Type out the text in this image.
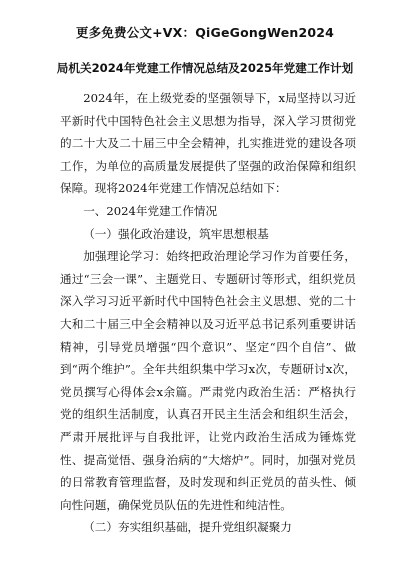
更多免费公文+VX：QiGeGongWen2024
局机关2024年党建工作情况总结及2025年党建工作计划

2024年，在上级党委的坚强领导下，x局坚持以习近平新时代中国特色社会主义思想为指导，深入学习贯彻党的二十大及二十届三中全会精神，扎实推进党的建设各项工作，为单位的高质量发展提供了坚强的政治保障和组织保障。现将2024年党建工作情况总结如下：

一、2024年党建工作情况

（一）强化政治建设，筑牢思想根基

加强理论学习：始终把政治理论学习作为首要任务，通过“三会一课”、主题党日、专题研讨等形式，组织党员深入学习习近平新时代中国特色社会主义思想、党的二十大和二十届三中全会精神以及习近平总书记系列重要讲话精神，引导党员增强“四个意识”、坚定“四个自信”、做到“两个维护”。全年共组织集中学习x次，专题研讨x次，党员撰写心得体会x余篇。严肃党内政治生活：严格执行党的组织生活制度，认真召开民主生活会和组织生活会，严肃开展批评与自我批评，让党内政治生活成为锤炼党性、提高觉悟、强身治病的“大熔炉”。同时，加强对党员的日常教育管理监督，及时发现和纠正党员的苗头性、倾向性问题，确保党员队伍的先进性和纯洁性。

（二）夯实组织基础，提升党组织凝聚力
